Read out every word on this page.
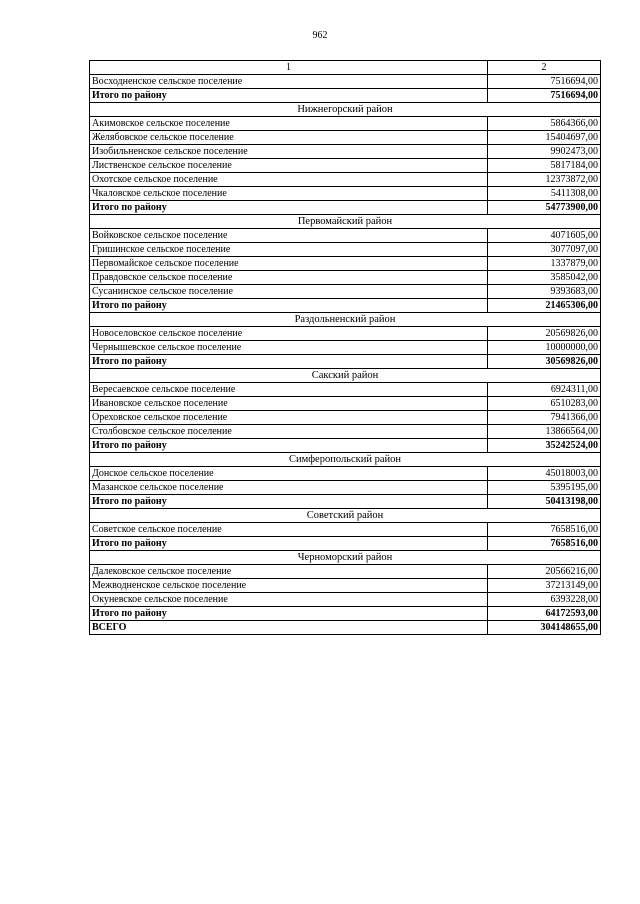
962
1	2
Восходненское сельское поселение	7516694,00
Итого по району	7516694,00
Нижнегорский район	
Акимовское сельское поселение	5864366,00
Желябовское сельское поселение	15404697,00
Изобильненское сельское поселение	9902473,00
Лиственское сельское поселение	5817184,00
Охотское сельское поселение	12373872,00
Чкаловское сельское поселение	5411308,00
Итого по району	54773900,00
Первомайский район	
Войковское сельское поселение	4071605,00
Гришинское сельское поселение	3077097,00
Первомайское сельское поселение	1337879,00
Правдовское сельское поселение	3585042,00
Сусанинское сельское поселение	9393683,00
Итого по району	21465306,00
Раздольненский район	
Новоселовское сельское поселение	20569826,00
Чернышевское сельское поселение	10000000,00
Итого по району	30569826,00
Сакский район	
Вересаевское сельское поселение	6924311,00
Ивановское сельское поселение	6510283,00
Ореховское сельское поселение	7941366,00
Столбовское сельское поселение	13866564,00
Итого по району	35242524,00
Симферопольский район	
Донское сельское поселение	45018003,00
Мазанское сельское поселение	5395195,00
Итого по району	50413198,00
Советский район	
Советское сельское поселение	7658516,00
Итого по району	7658516,00
Черноморский район	
Далековское сельское поселение	20566216,00
Межводненское сельское поселение	37213149,00
Окуневское сельское поселение	6393228,00
Итого по району	64172593,00
ВСЕГО	304148655,00
